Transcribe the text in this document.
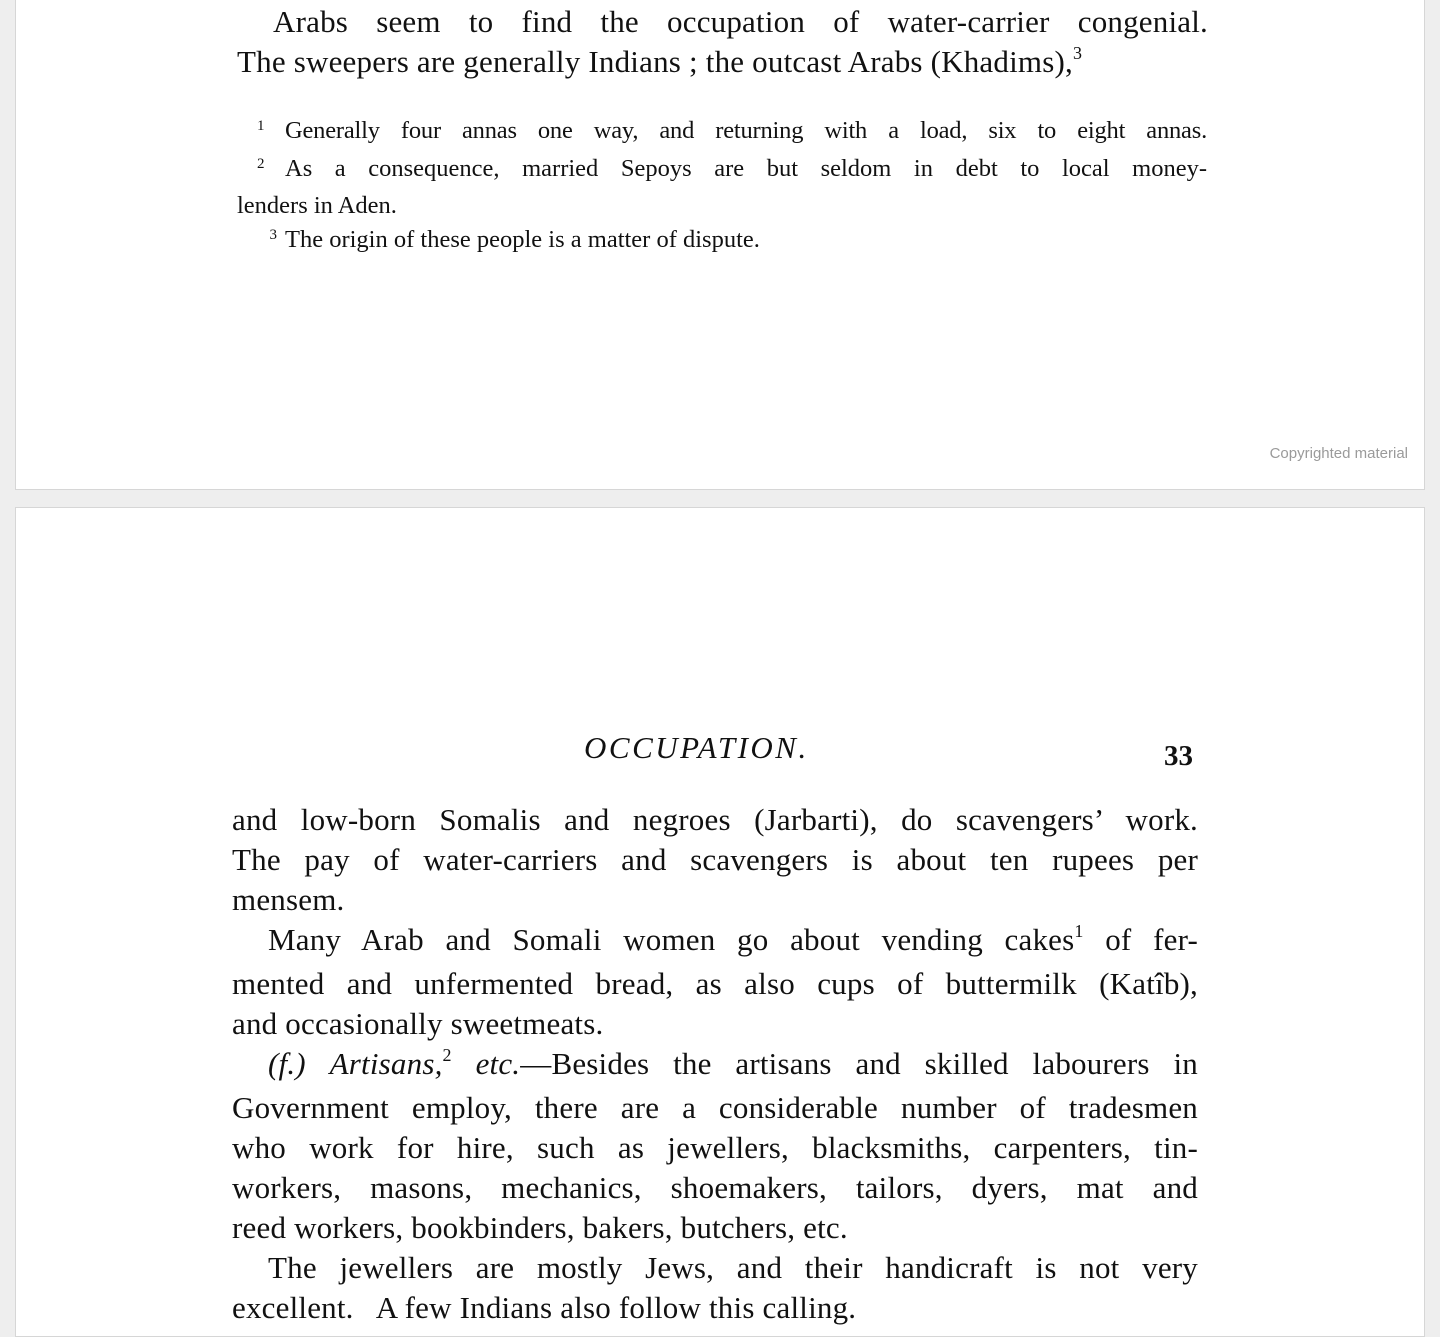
Arabs seem to find the occupation of water-carrier congenial.
The sweepers are generally Indians ; the outcast Arabs (Khadims),$^3$
1 Generally four annas one way, and returning with a load, six to eight annas.
2 As a consequence, married Sepoys are but seldom in debt to local money-
lenders in Aden.
3 The origin of these people is a matter of dispute.
Copyrighted material
OCCUPATION.	33
and low-born Somalis and negroes (Jarbarti), do scavengers’ work.
The pay of water-carriers and scavengers is about ten rupees per
mensem.
Many Arab and Somali women go about vending cakes$^1$ of fer-
mented and unfermented bread, as also cups of buttermilk (Katîb),
and occasionally sweetmeats.
(f.) Artisans,$^2$ etc.—Besides the artisans and skilled labourers in
Government employ, there are a considerable number of tradesmen
who work for hire, such as jewellers, blacksmiths, carpenters, tin-
workers, masons, mechanics, shoemakers, tailors, dyers, mat and
reed workers, bookbinders, bakers, butchers, etc.
The jewellers are mostly Jews, and their handicraft is not very
excellent.   A few Indians also follow this calling.
